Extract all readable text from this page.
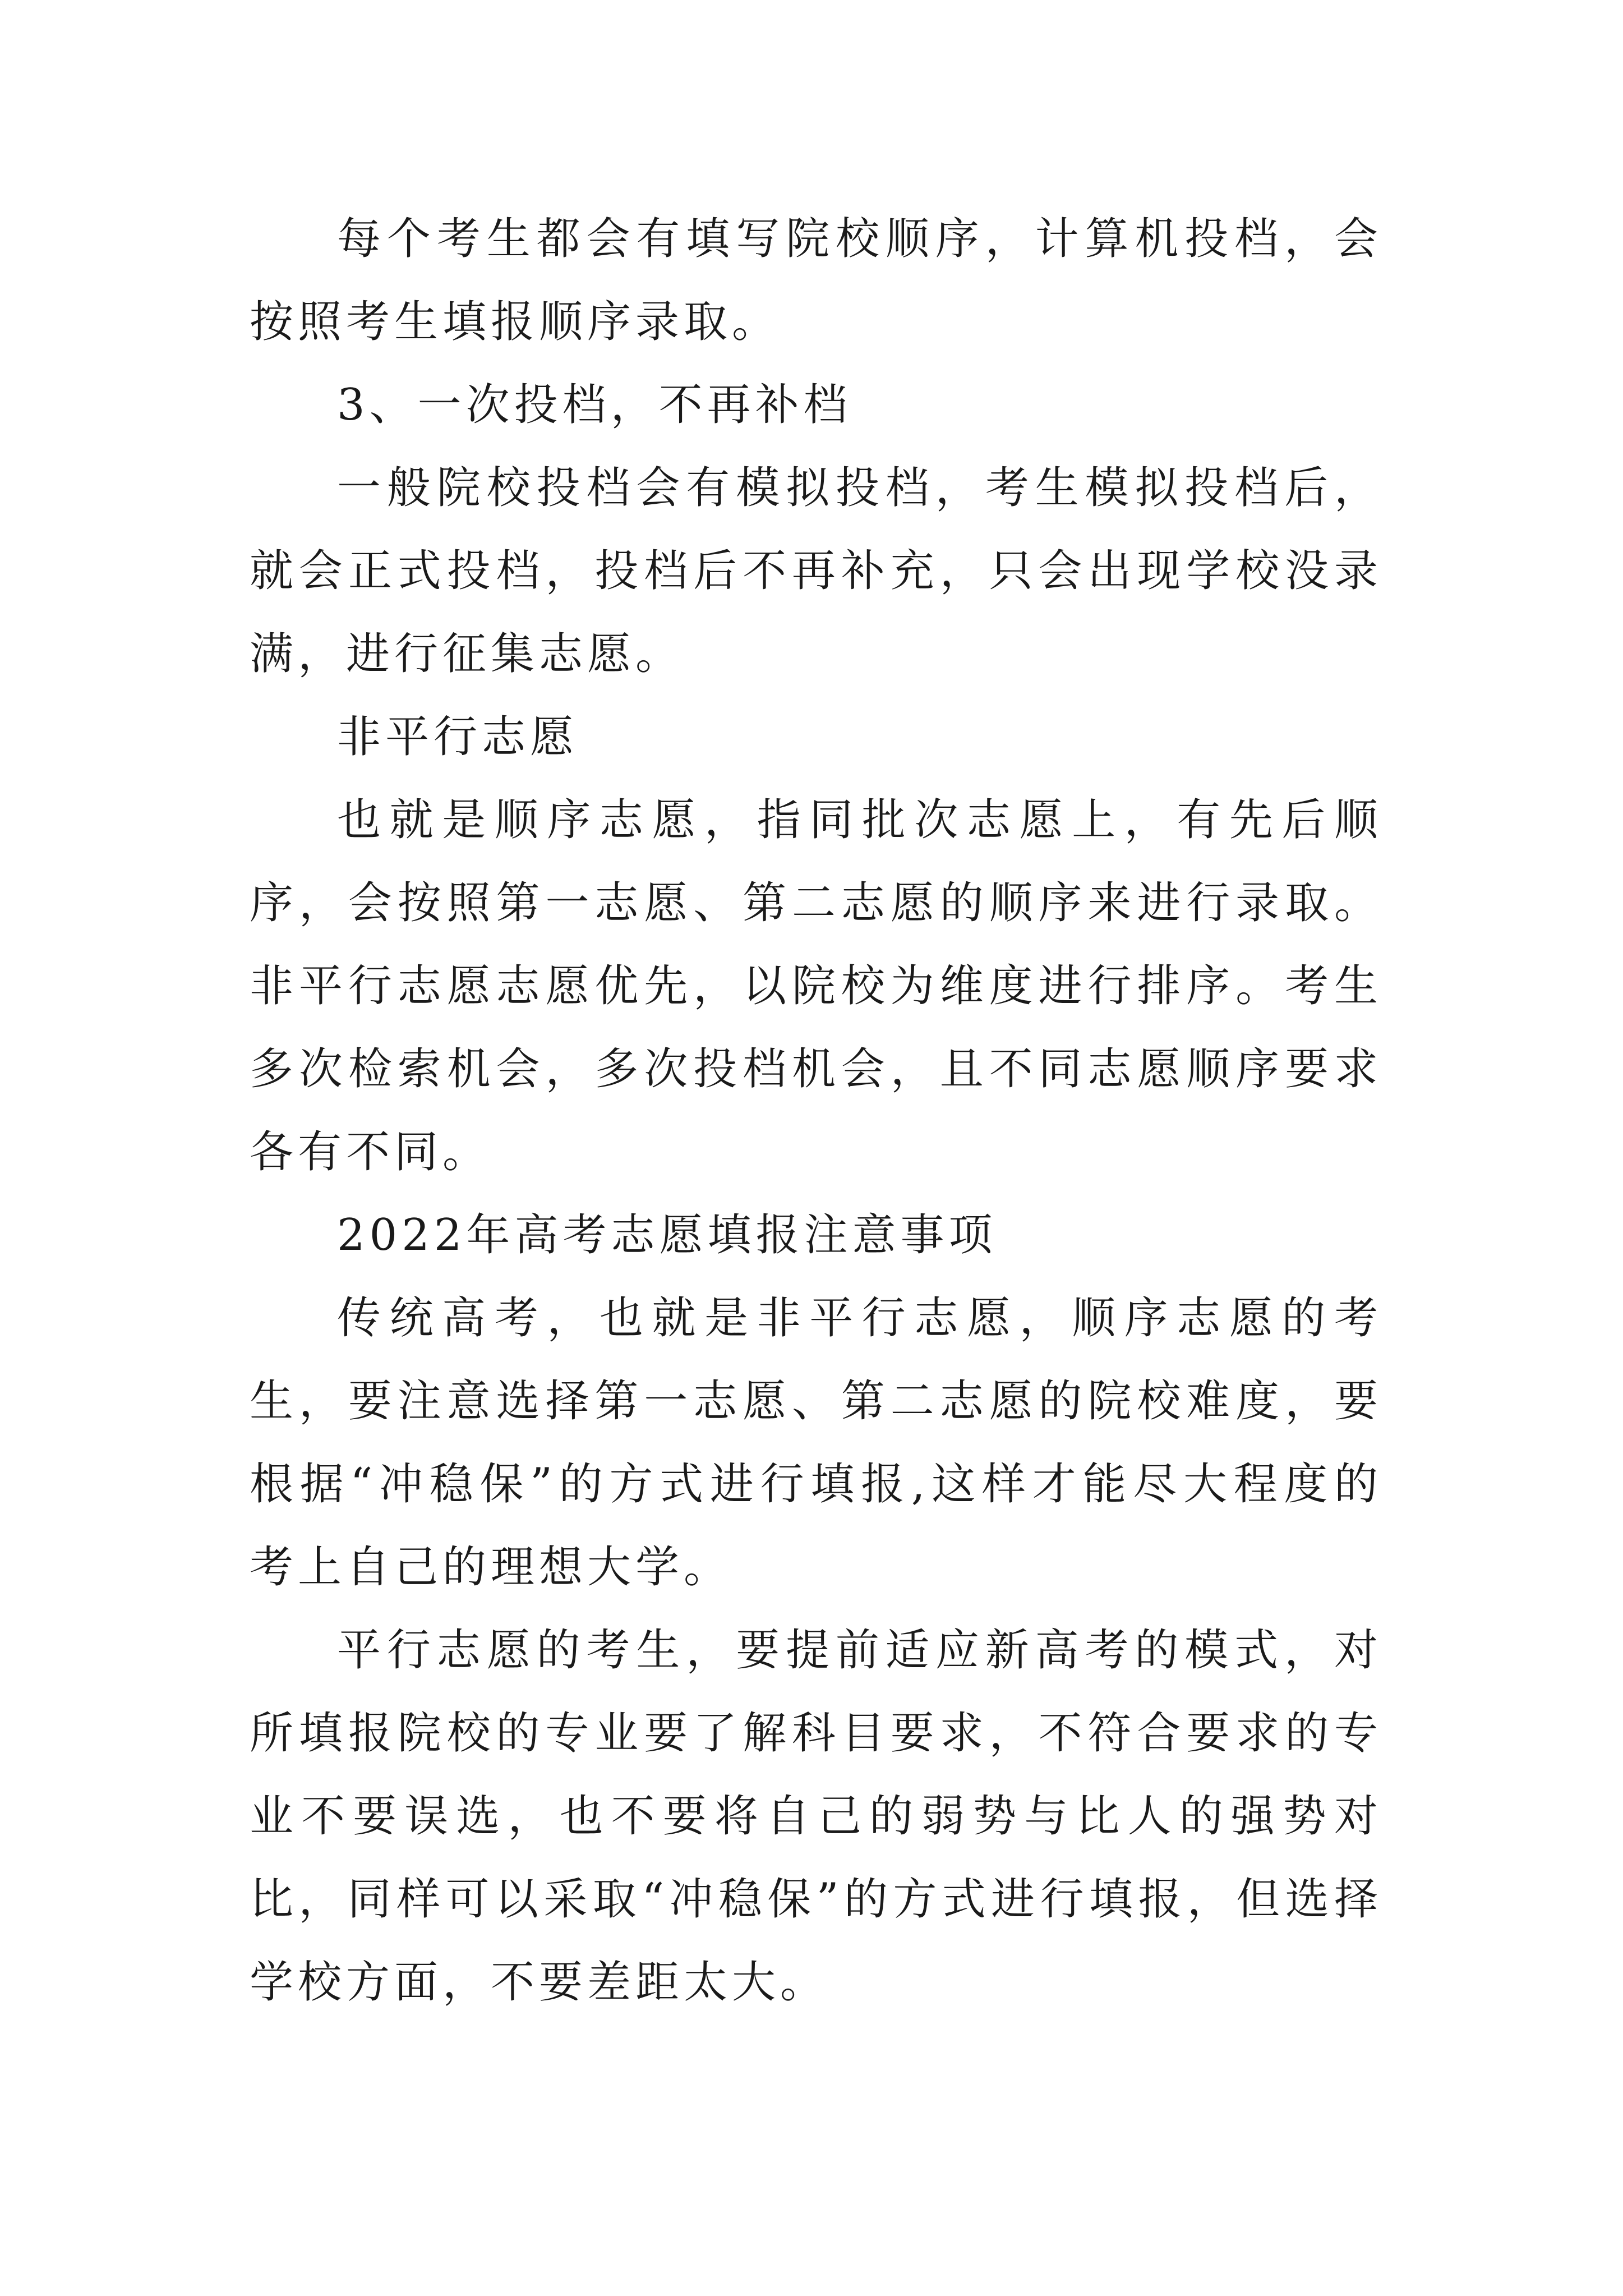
每个考生都会有填写院校顺序，计算机投档，会按照考生填报顺序录取。

3、一次投档，不再补档

一般院校投档会有模拟投档，考生模拟投档后，就会正式投档，投档后不再补充，只会出现学校没录满，进行征集志愿。

非平行志愿

也就是顺序志愿，指同批次志愿上，有先后顺序，会按照第一志愿、第二志愿的顺序来进行录取。非平行志愿志愿优先，以院校为维度进行排序。考生多次检索机会，多次投档机会，且不同志愿顺序要求各有不同。

2022年高考志愿填报注意事项

传统高考，也就是非平行志愿，顺序志愿的考生，要注意选择第一志愿、第二志愿的院校难度，要根据“冲稳保”的方式进行填报,这样才能尽大程度的考上自己的理想大学。

平行志愿的考生，要提前适应新高考的模式，对所填报院校的专业要了解科目要求，不符合要求的专业不要误选，也不要将自己的弱势与比人的强势对比，同样可以采取“冲稳保”的方式进行填报，但选择学校方面，不要差距太大。
